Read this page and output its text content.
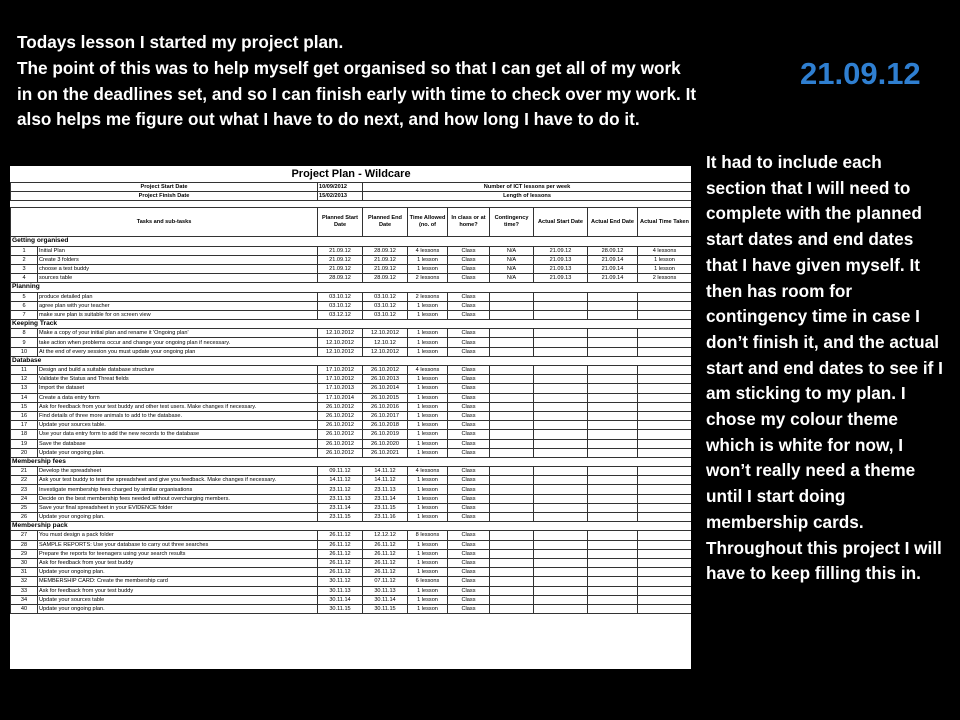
Todays lesson I started my project plan.

The point of this was to help myself get organised so that I can get all of my work in on the deadlines set, and so I can finish early with time to check over my work. It also helps me figure out what I have to do next, and how long I have to do it.

21.09.12
It had to include each section that I will need to complete with the planned start dates and end dates that I have given myself. It then has room for contingency time in case I don’t finish it, and the actual start and end dates to see if I am sticking to my plan. I chose my colour theme which is white for now, I won’t really need a theme until I start doing membership cards. Throughout this project I will have to keep filling this in.
Project Plan - Wildcare									
Project Start Date		10/09/2012	Number of ICT lessons per week						
Project Finish Date		15/02/2013	Length of lessons						

Tasks and sub-tasks		Planned Start Date	Planned End Date	Time Allowed (no. of	In class or at home?	Contingency time?	Actual Start Date	Actual End Date	Actual Time Taken
Getting organised									
1	Initial Plan	21.09.12	28.09.12	4 lessons	Class	N/A	21.09.12	28.09.12	4 lessons
2	Create 3 folders	21.09.12	21.09.12	1 lesson	Class	N/A	21.09.13	21.09.14	1 lesson
3	choose a test buddy	21.09.12	21.09.12	1 lesson	Class	N/A	21.09.13	21.09.14	1 lesson
4	sources table	28.09.12	28.09.12	2 lessons	Class	N/A	21.09.13	21.09.14	2 lessons
Planning									
5	produce detailed plan	03.10.12	03.10.12	2 lessons	Class				
6	agree plan with your teacher	03.10.12	03.10.12	1 lesson	Class				
7	make sure plan is suitable for on screen view	03.12.12	03.10.12	1 lesson	Class				
Keeping Track									
8	Make a copy of your initial plan and rename it 'Ongoing plan'	12.10.2012	12.10.2012	1 lesson	Class				
9	take action when problems occur and change your ongoing plan if necessary.	12.10.2012	12.10.12	1 lesson	Class				
10	At the end of every session you must update your ongoing plan	12.10.2012	12.10.2012	1 lesson	Class				
Database									
11	Design and build a suitable database structure	17.10.2012	26.10.2012	4 lessons	Class				
12	Validate the Status and Threat fields	17.10.2012	26.10.2013	1 lesson	Class				
13	Import the dataset	17.10.2013	26.10.2014	1 lesson	Class				
14	Create a data entry form	17.10.2014	26.10.2015	1 lesson	Class				
15	Ask for feedback from your test buddy and other test users. Make changes if necessary.	26.10.2012	26.10.2016	1 lesson	Class				
16	Find details of three more animals to add to the database.	26.10.2012	26.10.2017	1 lesson	Class				
17	Update your sources table.	26.10.2012	26.10.2018	1 lesson	Class				
18	Use your data entry form to add the new records to the database	26.10.2012	26.10.2019	1 lesson	Class				
19	Save the database	26.10.2012	26.10.2020	1 lesson	Class				
20	Update your ongoing plan.	26.10.2012	26.10.2021	1 lesson	Class				
Membership fees									
21	Develop the spreadsheet	09.11.12	14.11.12	4 lessons	Class				
22	Ask your test buddy to test the spreadsheet and give you feedback. Make changes if necessary.	14.11.12	14.11.12	1 lesson	Class				
23	Investigate membership fees charged by similar organisations	23.11.12	23.11.13	1 lesson	Class				
24	Decide on the best membership fees needed without overcharging members.	23.11.13	23.11.14	1 lesson	Class				
25	Save your final spreadsheet in your EVIDENCE folder	23.11.14	23.11.15	1 lesson	Class				
26	Update your ongoing plan.	23.11.15	23.11.16	1 lesson	Class				
Membership pack									
27	You must design a pack folder	26.11.12	12.12.12	8 lessons	Class				
28	SAMPLE REPORTS: Use your database to carry out three searches	26.11.12	26.11.12	1 lesson	Class				
29	Prepare the reports for teenagers using your search results	26.11.12	26.11.12	1 lesson	Class				
30	Ask for feedback from your test buddy	26.11.12	26.11.12	1 lesson	Class				
31	Update your ongoing plan.	26.11.12	26.11.12	1 lesson	Class				
32	MEMBERSHIP CARD: Create the membership card	30.11.12	07.11.12	6 lessons	Class				
33	Ask for feedback from your test buddy	30.11.13	30.11.13	1 lesson	Class				
34	Update your sources table	30.11.14	30.11.14	1 lesson	Class				
40	Update your ongoing plan.	30.11.15	30.11.15	1 lesson	Class				
